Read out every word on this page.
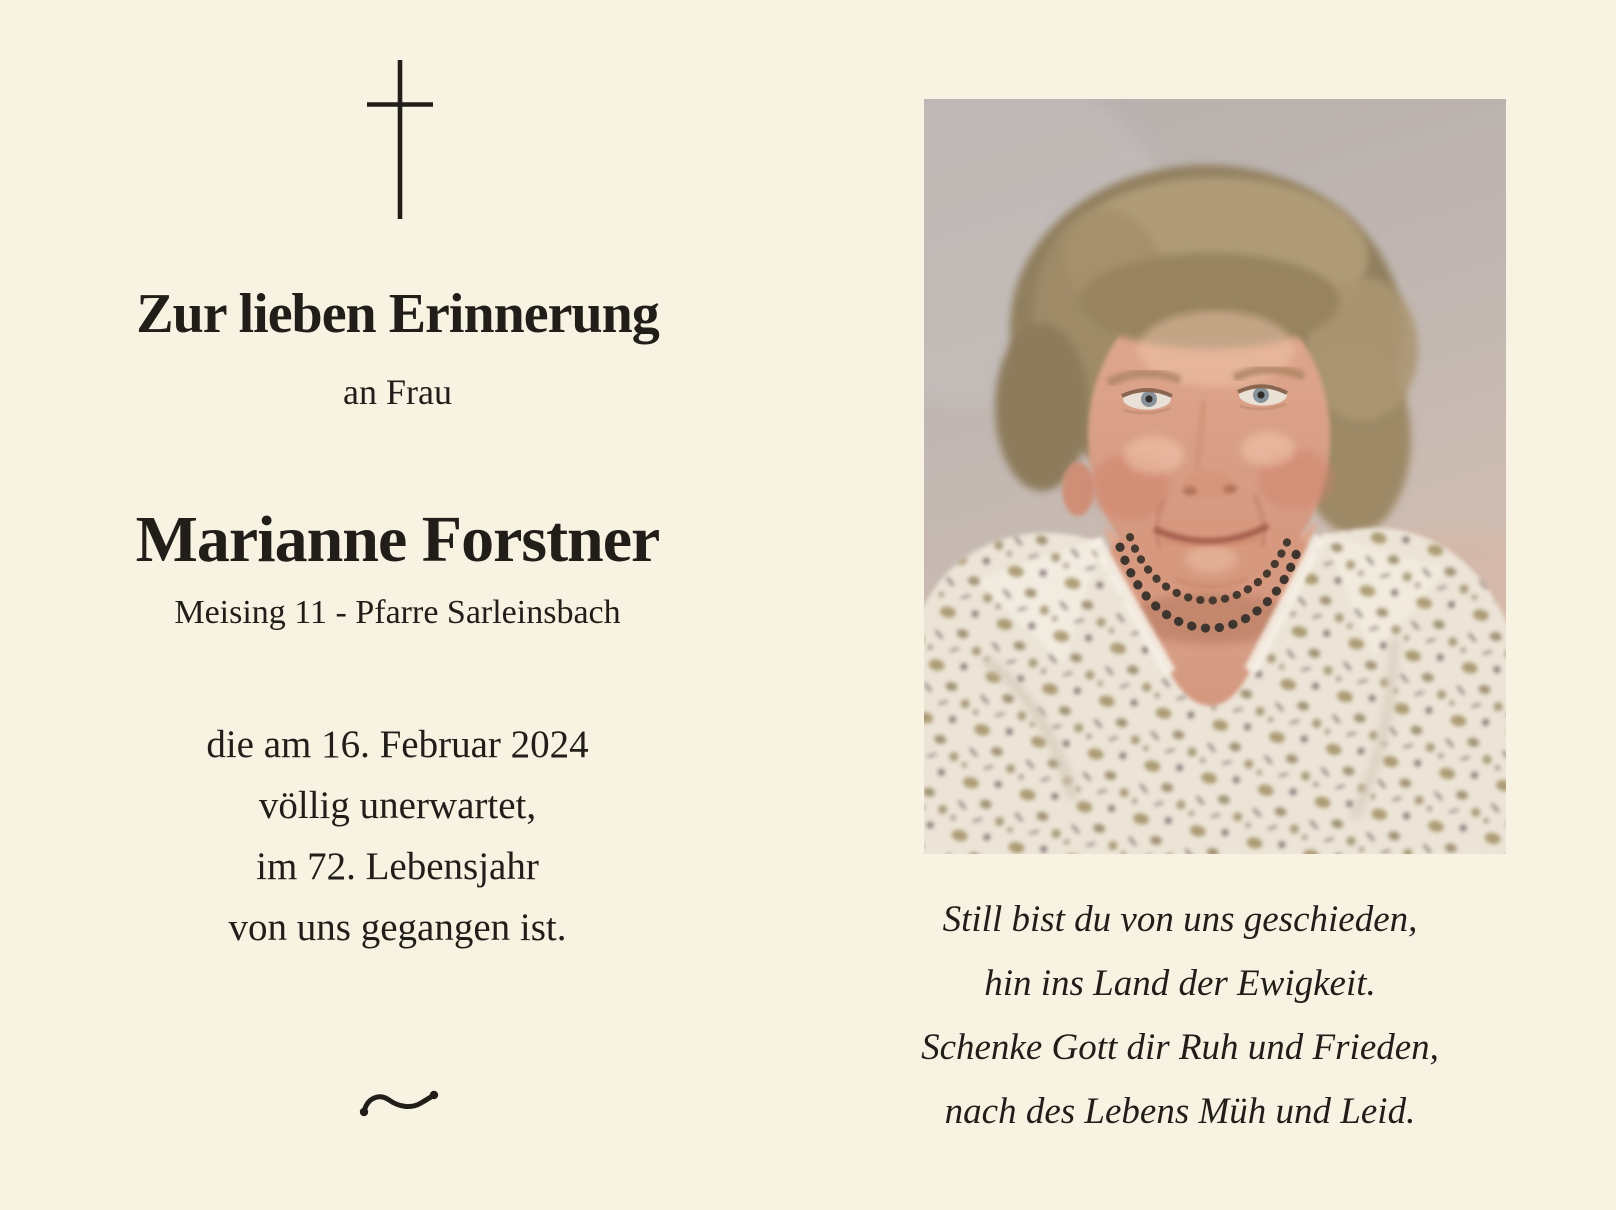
Zur lieben Erinnerung
an Frau
Marianne Forstner
Meising 11 - Pfarre Sarleinsbach
die am 16. Februar 2024
völlig unerwartet,
im 72. Lebensjahr
von uns gegangen ist.	Still bist du von uns geschieden,
hin ins Land der Ewigkeit.
Schenke Gott dir Ruh und Frieden,
nach des Lebens Müh und Leid.
